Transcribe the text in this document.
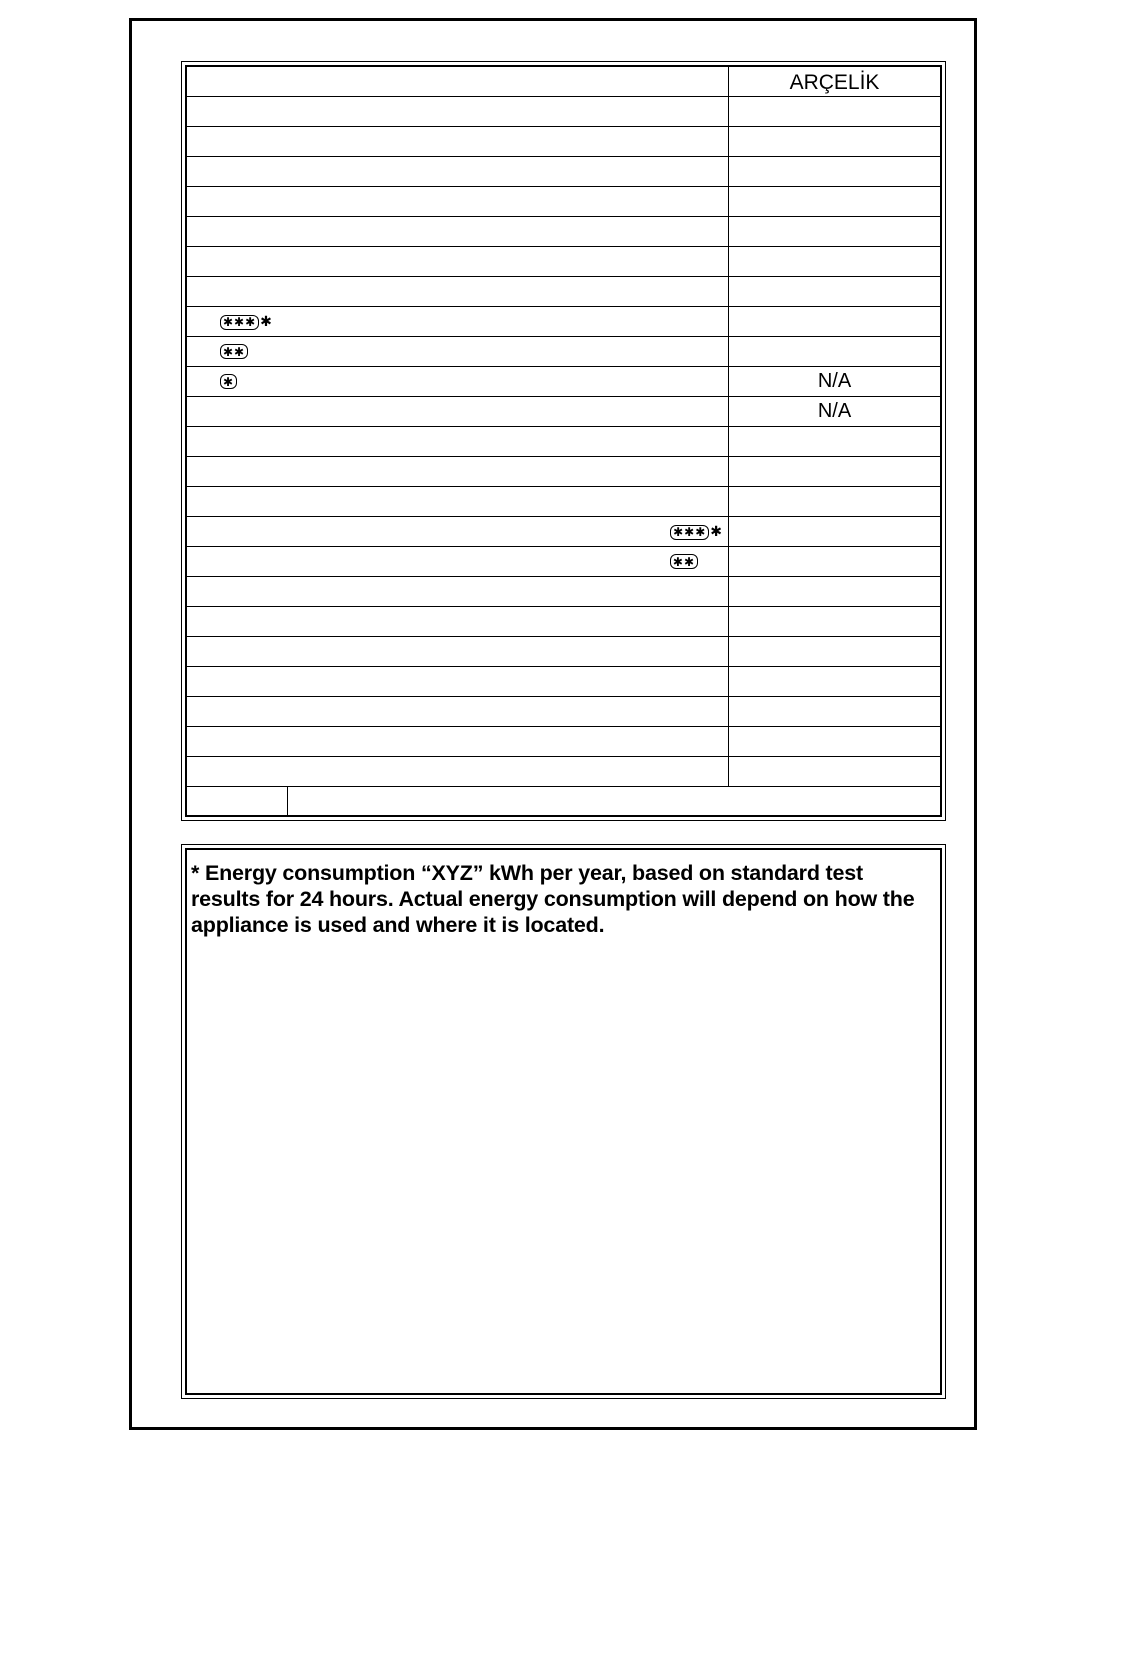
ARÇELİK
✱✱✱ ✱
✱✱
✱	N/A
N/A
✱✱✱ ✱
✱✱
* Energy consumption “XYZ” kWh per year, based on standard test results for 24 hours. Actual energy consumption will depend on how the appliance is used and where it is located.
